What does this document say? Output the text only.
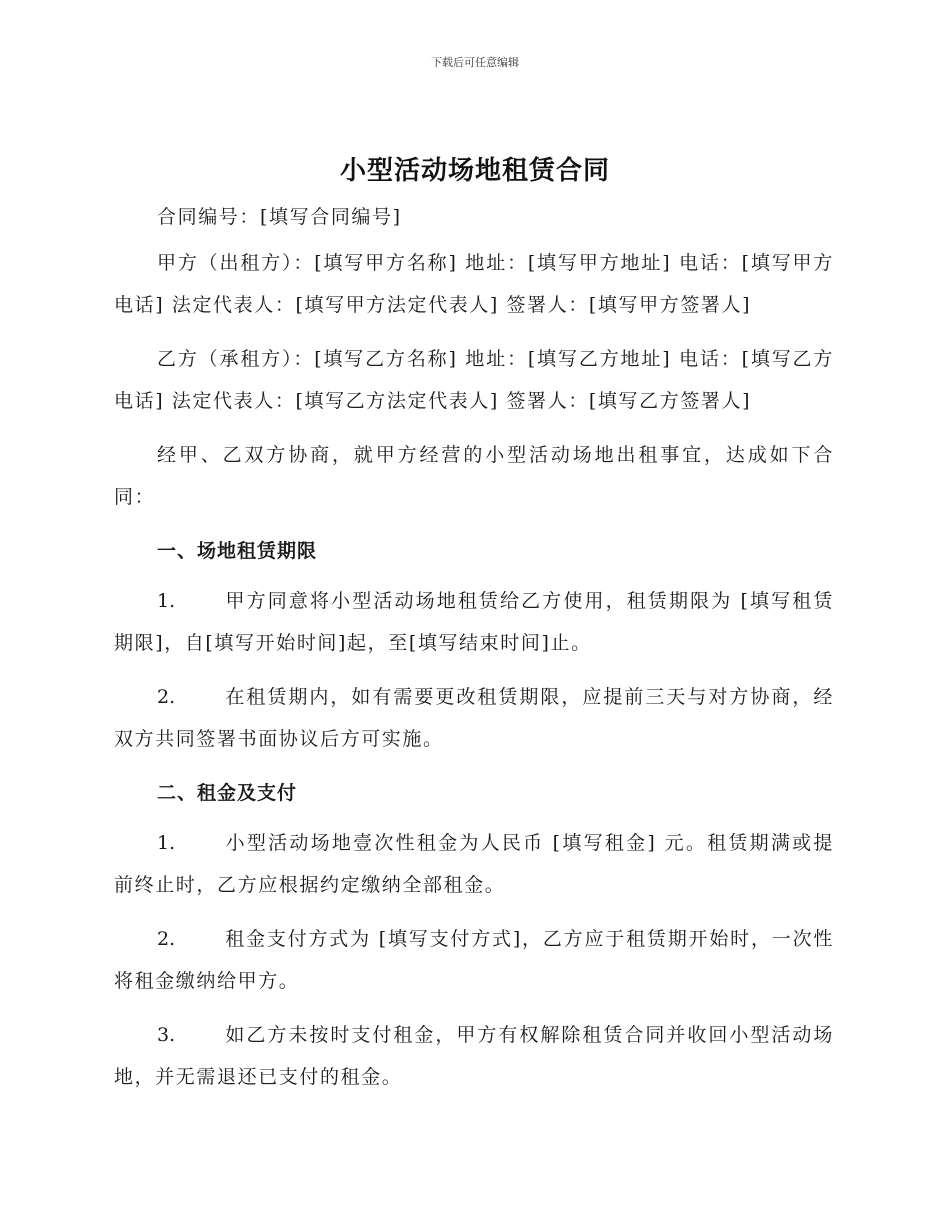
下载后可任意编辑
小型活动场地租赁合同

合同编号：[填写合同编号]

甲方（出租方）：[填写甲方名称] 地址：[填写甲方地址] 电话：[填写甲方电话] 法定代表人：[填写甲方法定代表人] 签署人：[填写甲方签署人]

乙方（承租方）：[填写乙方名称] 地址：[填写乙方地址] 电话：[填写乙方电话] 法定代表人：[填写乙方法定代表人] 签署人：[填写乙方签署人]

经甲、乙双方协商，就甲方经营的小型活动场地出租事宜，达成如下合同：

一、场地租赁期限

1.	甲方同意将小型活动场地租赁给乙方使用，租赁期限为 [填写租赁期限]，自[填写开始时间]起，至[填写结束时间]止。

2.	在租赁期内，如有需要更改租赁期限，应提前三天与对方协商，经双方共同签署书面协议后方可实施。

二、租金及支付

1.	小型活动场地壹次性租金为人民币 [填写租金] 元。租赁期满或提前终止时，乙方应根据约定缴纳全部租金。

2.	租金支付方式为 [填写支付方式]，乙方应于租赁期开始时，一次性将租金缴纳给甲方。

3.	如乙方未按时支付租金，甲方有权解除租赁合同并收回小型活动场地，并无需退还已支付的租金。
